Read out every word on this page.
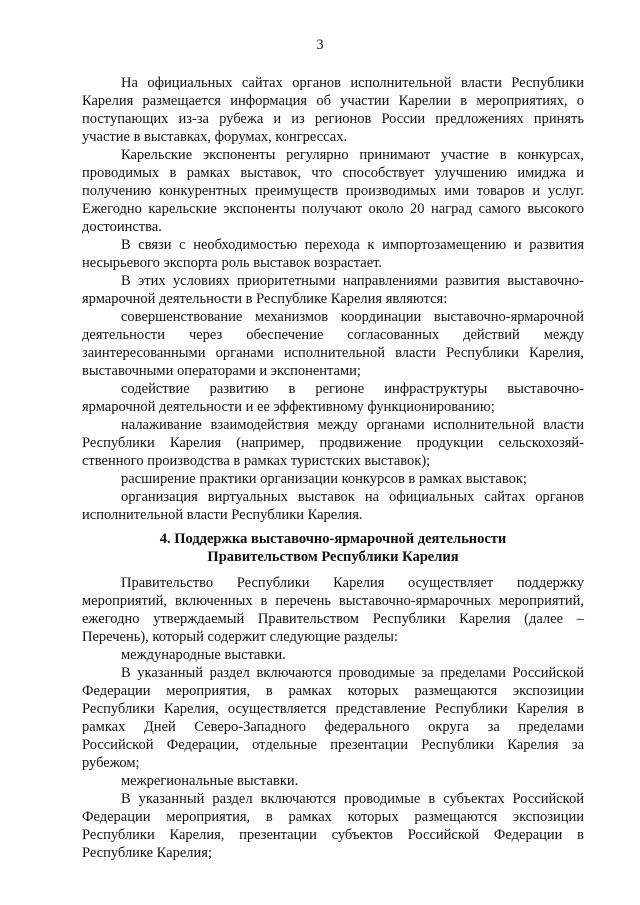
3
На официальных сайтах органов исполнительной власти Республики
Карелия размещается информация об участии Карелии в мероприятиях, о
поступающих из-за рубежа и из регионов России предложениях принять
участие в выставках, форумах, конгрессах.
Карельские экспоненты регулярно принимают участие в конкурсах,
проводимых в рамках выставок, что способствует улучшению имиджа и
получению конкурентных преимуществ производимых ими товаров и услуг.
Ежегодно карельские экспоненты получают около 20 наград самого высокого
достоинства.
В связи с необходимостью перехода к импортозамещению и развития
несырьевого экспорта роль выставок возрастает.
В этих условиях приоритетными направлениями развития выставочно-
ярмарочной деятельности в Республике Карелия являются:
совершенствование механизмов координации выставочно-ярмарочной
деятельности через обеспечение согласованных действий между
заинтересованными органами исполнительной власти Республики Карелия,
выставочными операторами и экспонентами;
содействие развитию в регионе инфраструктуры выставочно-
ярмарочной деятельности и ее эффективному функционированию;
налаживание взаимодействия между органами исполнительной власти
Республики Карелия (например, продвижение продукции сельскохозяй-
ственного производства в рамках туристских выставок);
расширение практики организации конкурсов в рамках выставок;
организация виртуальных выставок на официальных сайтах органов
исполнительной власти Республики Карелия.
4. Поддержка выставочно-ярмарочной деятельности
Правительством Республики Карелия
Правительство Республики Карелия осуществляет поддержку
мероприятий, включенных в перечень выставочно-ярмарочных мероприятий,
ежегодно утверждаемый Правительством Республики Карелия (далее –
Перечень), который содержит следующие разделы:
международные выставки.
В указанный раздел включаются проводимые за пределами Российской
Федерации мероприятия, в рамках которых размещаются экспозиции
Республики Карелия, осуществляется представление Республики Карелия в
рамках Дней Северо-Западного федерального округа за пределами
Российской Федерации, отдельные презентации Республики Карелия за
рубежом;
межрегиональные выставки.
В указанный раздел включаются проводимые в субъектах Российской
Федерации мероприятия, в рамках которых размещаются экспозиции
Республики Карелия, презентации субъектов Российской Федерации в
Республике Карелия;
